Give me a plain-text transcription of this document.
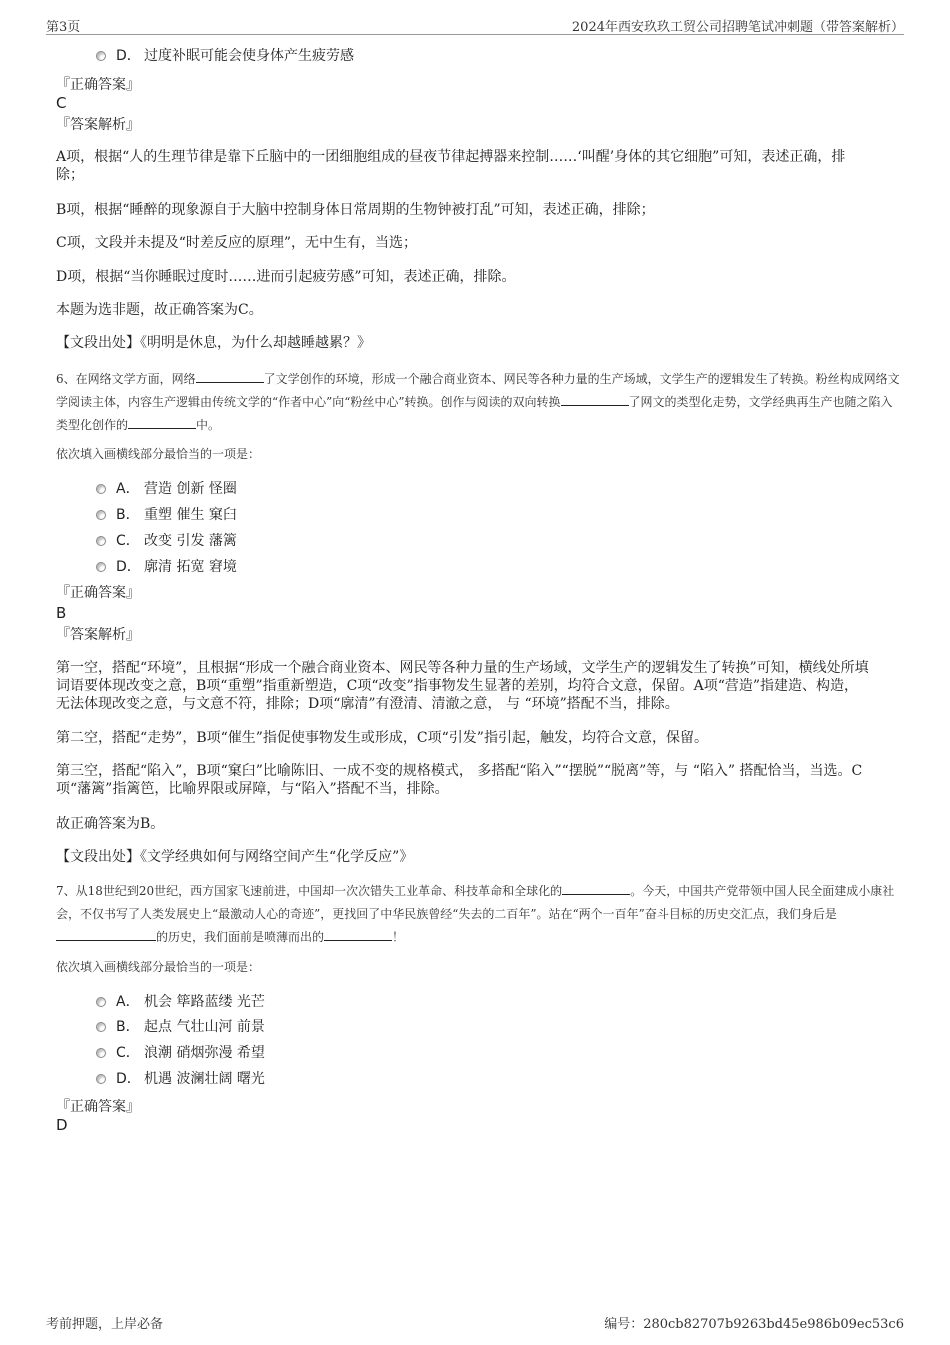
第3页	2024年西安玖玖工贸公司招聘笔试冲刺题（带答案解析）
D． 过度补眠可能会使身体产生疲劳感
『正确答案』
C
『答案解析』
A项，根据“人的生理节律是靠下丘脑中的一团细胞组成的昼夜节律起搏器来控制……‘叫醒’身体的其它细胞”可知，表述正确，排除；
B项，根据“睡醉的现象源自于大脑中控制身体日常周期的生物钟被打乱”可知，表述正确，排除；
C项，文段并未提及“时差反应的原理”，无中生有，当选；
D项，根据“当你睡眠过度时……进而引起疲劳感”可知，表述正确，排除。
本题为选非题，故正确答案为C。
【文段出处】《明明是休息，为什么却越睡越累？》
6、在网络文学方面，网络	了文学创作的环境，形成一个融合商业资本、网民等各种力量的生产场域，文学生产的逻辑发生了转换。粉丝构成网络文学阅读主体，内容生产逻辑由传统文学的“作者中心”向“粉丝中心”转换。创作与阅读的双向转换	了网文的类型化走势，文学经典再生产也随之陷入类型化创作的	中。
依次填入画横线部分最恰当的一项是：
A． 营造 创新 怪圈
B． 重塑 催生 窠臼
C． 改变 引发 藩篱
D． 廓清 拓宽 窘境
『正确答案』
B
『答案解析』
第一空，搭配“环境”，且根据“形成一个融合商业资本、网民等各种力量的生产场域，文学生产的逻辑发生了转换”可知，横线处所填词语要体现改变之意，B项“重塑”指重新塑造，C项“改变”指事物发生显著的差别，均符合文意，保留。A项“营造”指建造、构造，无法体现改变之意，与文意不符，排除；D项“廓清”有澄清、清澈之意， 与 “环境”搭配不当，排除。
第二空，搭配“走势”，B项“催生”指促使事物发生或形成，C项“引发”指引起，触发，均符合文意，保留。
第三空，搭配“陷入”，B项“窠臼”比喻陈旧、一成不变的规格模式， 多搭配“陷入”“摆脱”“脱离”等，与 “陷入” 搭配恰当，当选。C项“藩篱”指篱笆，比喻界限或屏障，与“陷入”搭配不当，排除。
故正确答案为B。
【文段出处】《文学经典如何与网络空间产生“化学反应”》
7、从18世纪到20世纪，西方国家飞速前进，中国却一次次错失工业革命、科技革命和全球化的	。今天，中国共产党带领中国人民全面建成小康社会，不仅书写了人类发展史上“最激动人心的奇迹”，更找回了中华民族曾经“失去的二百年”。站在“两个一百年”奋斗目标的历史交汇点，我们身后是的历史，我们面前是喷薄而出的	！
依次填入画横线部分最恰当的一项是：
A． 机会 筚路蓝缕 光芒
B． 起点 气壮山河 前景
C． 浪潮 硝烟弥漫 希望
D． 机遇 波澜壮阔 曙光
『正确答案』
D
考前押题，上岸必备	编号：280cb82707b9263bd45e986b09ec53c6
